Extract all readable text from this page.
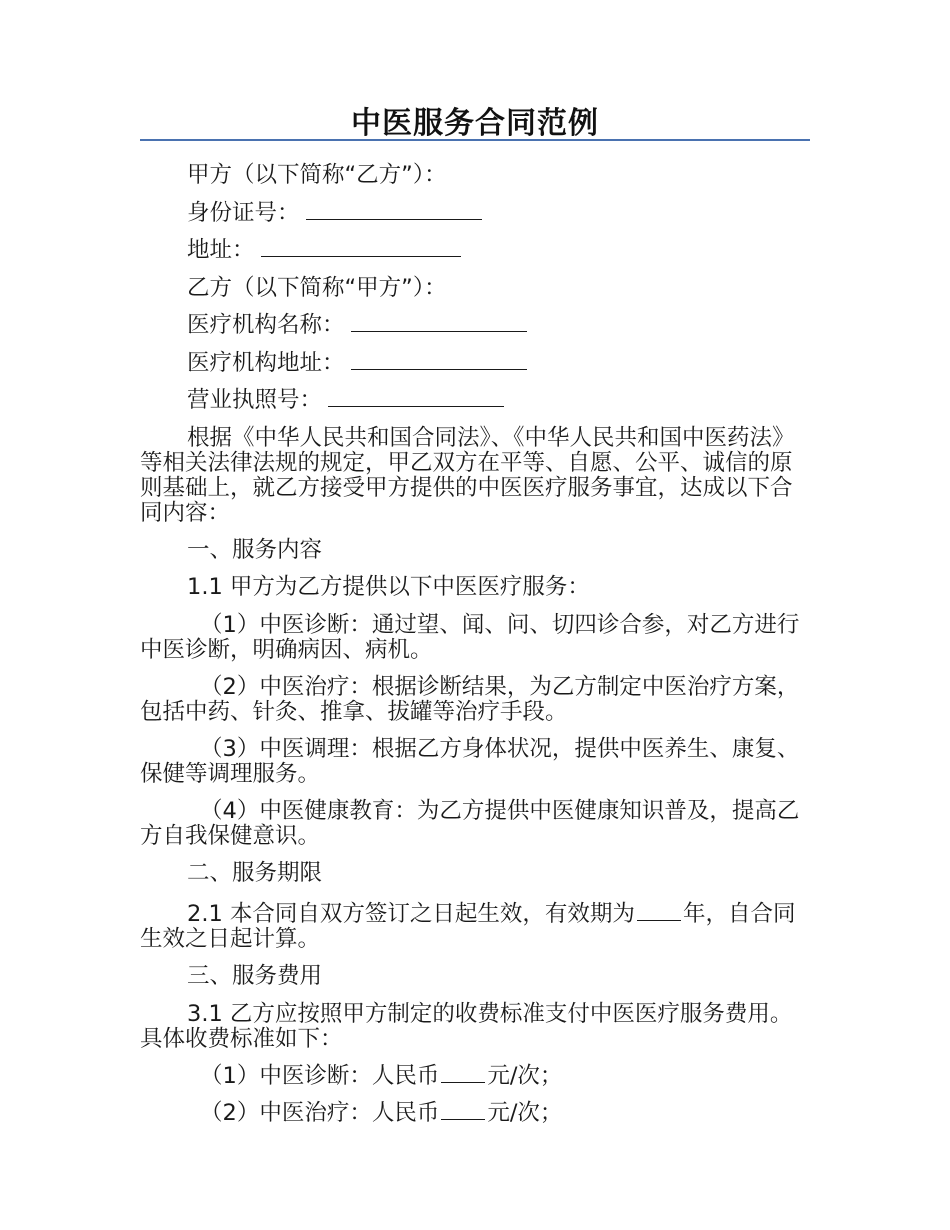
中医服务合同范例

甲方（以下简称“乙方”）：

身份证号：

地址：

乙方（以下简称“甲方”）：

医疗机构名称：

医疗机构地址：

营业执照号：

根据《中华人民共和国合同法》、《中华人民共和国中医药法》等相关法律法规的规定，甲乙双方在平等、自愿、公平、诚信的原则基础上，就乙方接受甲方提供的中医医疗服务事宜，达成以下合同内容：

一、服务内容

1.1 甲方为乙方提供以下中医医疗服务：

（1）中医诊断：通过望、闻、问、切四诊合参，对乙方进行中医诊断，明确病因、病机。

（2）中医治疗：根据诊断结果，为乙方制定中医治疗方案，包括中药、针灸、推拿、拔罐等治疗手段。

（3）中医调理：根据乙方身体状况，提供中医养生、康复、保健等调理服务。

（4）中医健康教育：为乙方提供中医健康知识普及，提高乙方自我保健意识。

二、服务期限

2.1 本合同自双方签订之日起生效，有效期为 年，自合同生效之日起计算。

三、服务费用

3.1 乙方应按照甲方制定的收费标准支付中医医疗服务费用。具体收费标准如下：

（1）中医诊断：人民币 元/次；

（2）中医治疗：人民币 元/次；
